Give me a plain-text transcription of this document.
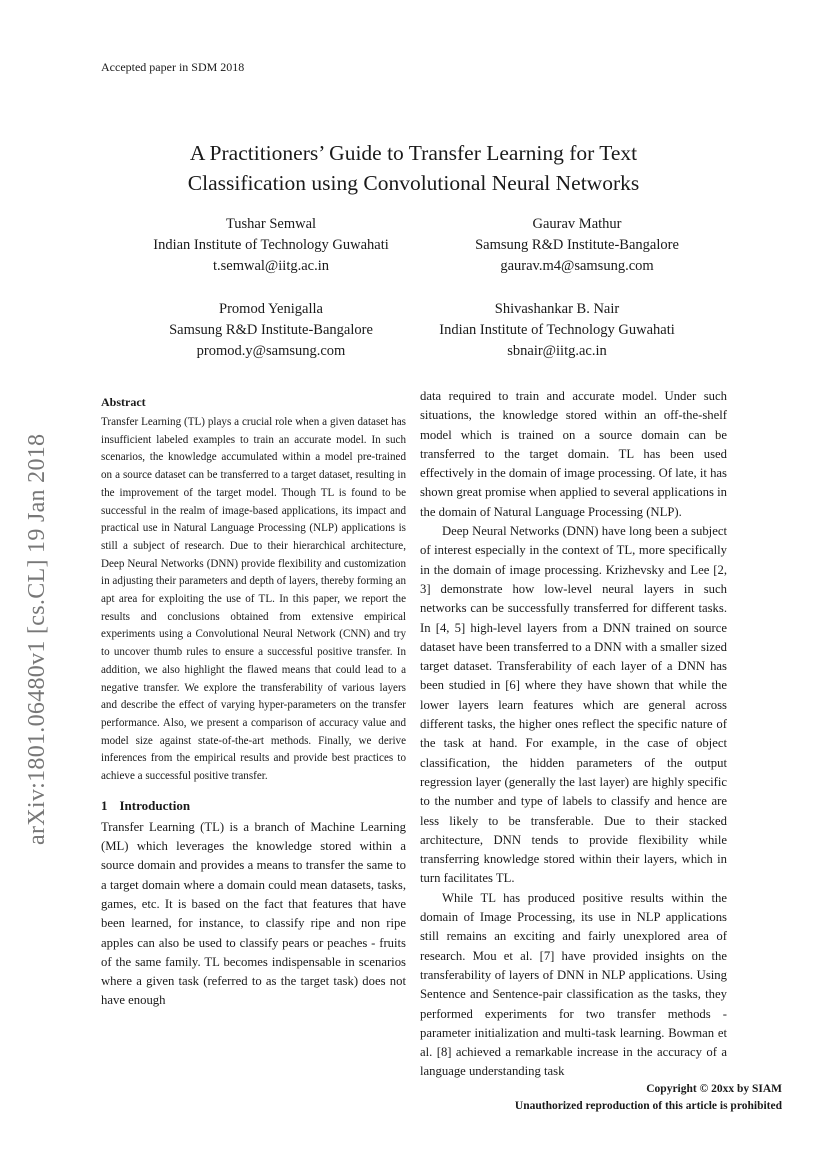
Accepted paper in SDM 2018
A Practitioners’ Guide to Transfer Learning for Text
Classification using Convolutional Neural Networks
Tushar Semwal
Indian Institute of Technology Guwahati
t.semwal@iitg.ac.in
Gaurav Mathur
Samsung R&D Institute-Bangalore
gaurav.m4@samsung.com
Promod Yenigalla
Samsung R&D Institute-Bangalore
promod.y@samsung.com
Shivashankar B. Nair
Indian Institute of Technology Guwahati
sbnair@iitg.ac.in
arXiv:1801.06480v1 [cs.CL] 19 Jan 2018
Abstract

Transfer Learning (TL) plays a crucial role when a given dataset has insufficient labeled examples to train an accurate model. In such scenarios, the knowledge accumulated within a model pre-trained on a source dataset can be transferred to a target dataset, resulting in the improvement of the target model. Though TL is found to be successful in the realm of image-based applications, its impact and practical use in Natural Language Processing (NLP) applications is still a subject of research. Due to their hierarchical architecture, Deep Neural Networks (DNN) provide flexibility and customization in adjusting their parameters and depth of layers, thereby forming an apt area for exploiting the use of TL. In this paper, we report the results and conclusions obtained from extensive empirical experiments using a Convolutional Neural Network (CNN) and try to uncover thumb rules to ensure a successful positive transfer. In addition, we also highlight the flawed means that could lead to a negative transfer. We explore the transferability of various layers and describe the effect of varying hyper-parameters on the transfer performance. Also, we present a comparison of accuracy value and model size against state-of-the-art methods. Finally, we derive inferences from the empirical results and provide best practices to achieve a successful positive transfer.

1 Introduction

Transfer Learning (TL) is a branch of Machine Learning (ML) which leverages the knowledge stored within a source domain and provides a means to transfer the same to a target domain where a domain could mean datasets, tasks, games, etc. It is based on the fact that features that have been learned, for instance, to classify ripe and non ripe apples can also be used to classify pears or peaches - fruits of the same family. TL becomes indispensable in scenarios where a given task (referred to as the target task) does not have enough

data required to train and accurate model. Under such situations, the knowledge stored within an off-the-shelf model which is trained on a source domain can be transferred to the target domain. TL has been used effectively in the domain of image processing. Of late, it has shown great promise when applied to several applications in the domain of Natural Language Processing (NLP).

Deep Neural Networks (DNN) have long been a subject of interest especially in the context of TL, more specifically in the domain of image processing. Krizhevsky and Lee [2, 3] demonstrate how low-level neural layers in such networks can be successfully transferred for different tasks. In [4, 5] high-level layers from a DNN trained on source dataset have been transferred to a DNN with a smaller sized target dataset. Transferability of each layer of a DNN has been studied in [6] where they have shown that while the lower layers learn features which are general across different tasks, the higher ones reflect the specific nature of the task at hand. For example, in the case of object classification, the hidden parameters of the output regression layer (generally the last layer) are highly specific to the number and type of labels to classify and hence are less likely to be transferable. Due to their stacked architecture, DNN tends to provide flexibility while transferring knowledge stored within their layers, which in turn facilitates TL.

While TL has produced positive results within the domain of Image Processing, its use in NLP applications still remains an exciting and fairly unexplored area of research. Mou et al. [7] have provided insights on the transferability of layers of DNN in NLP applications. Using Sentence and Sentence-pair classification as the tasks, they performed experiments for two transfer methods - parameter initialization and multi-task learning. Bowman et al. [8] achieved a remarkable increase in the accuracy of a language understanding task

Copyright © 20xx by SIAM
Unauthorized reproduction of this article is prohibited
